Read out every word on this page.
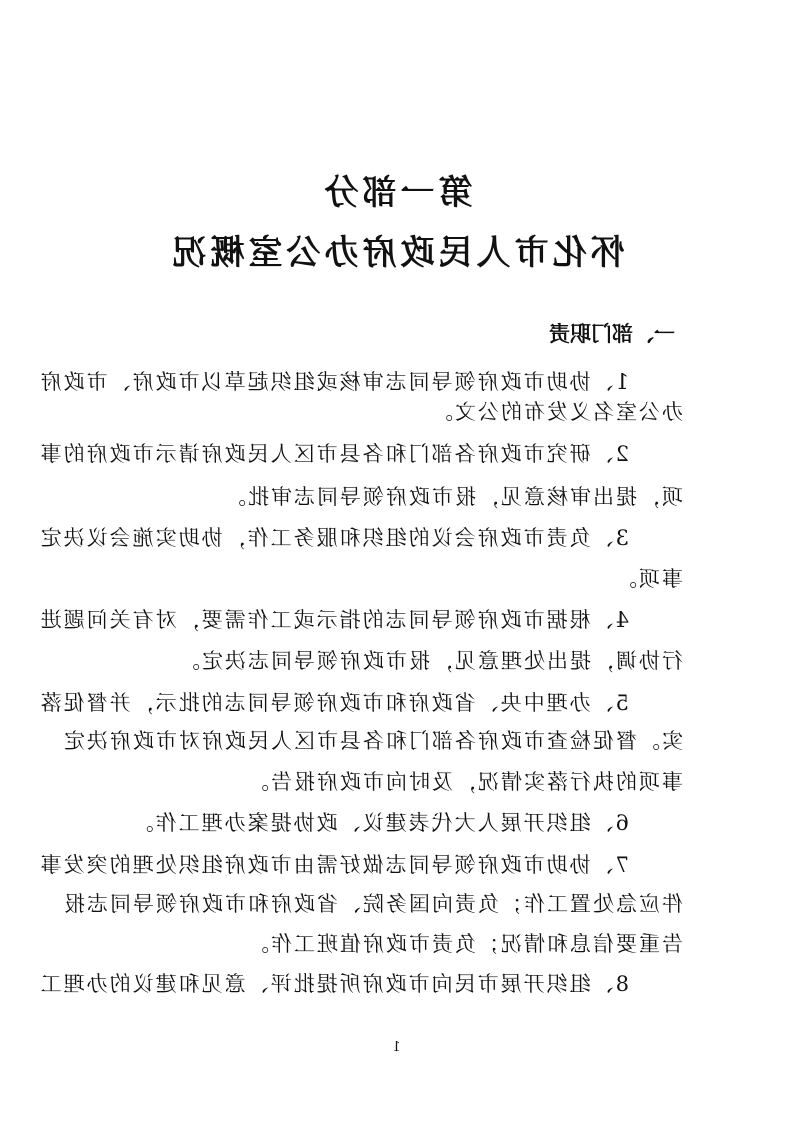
第一部分
怀化市人民政府办公室概况
一、部门职责
1、协助市政府领导同志审核或组织起草以市政府、市政府
办公室名义发布的公文。
2、研究市政府各部门和各县市区人民政府请示市政府的事
项，提出审核意见，报市政府领导同志审批。
3、负责市政府会议的组织和服务工作，协助实施会议决定
事项。
4、根据市政府领导同志的指示或工作需要，对有关问题进
行协调，提出处理意见，报市政府领导同志决定。
5、办理中央、省政府和市政府领导同志的批示，并督促落
实。督促检查市政府各部门和各县市区人民政府对市政府决定
事项的执行落实情况，及时向市政府报告。
6、组织开展人大代表建议、政协提案办理工作。
7、协助市政府领导同志做好需由市政府组织处理的突发事
件应急处置工作；负责向国务院、省政府和市政府领导同志报
告重要信息和情况；负责市政府值班工作。
8、组织开展市民向市政府所提批评、意见和建议的办理工
1
